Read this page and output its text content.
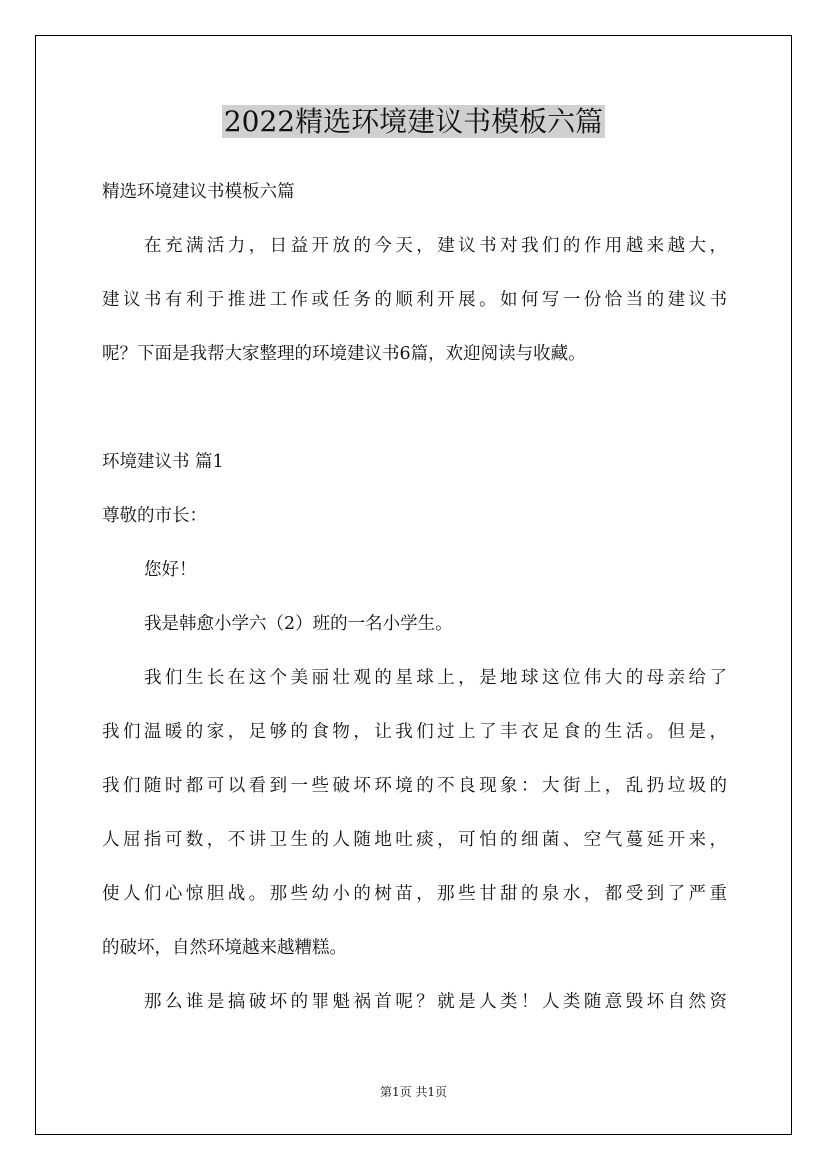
2022精选环境建议书模板六篇
精选环境建议书模板六篇
在充满活力，日益开放的今天，建议书对我们的作用越来越大，
建议书有利于推进工作或任务的顺利开展。如何写一份恰当的建议书
呢？下面是我帮大家整理的环境建议书6篇，欢迎阅读与收藏。
环境建议书 篇1
尊敬的市长：
您好！
我是韩愈小学六（2）班的一名小学生。
我们生长在这个美丽壮观的星球上，是地球这位伟大的母亲给了
我们温暖的家，足够的食物，让我们过上了丰衣足食的生活。但是，
我们随时都可以看到一些破坏环境的不良现象：大街上，乱扔垃圾的
人屈指可数，不讲卫生的人随地吐痰，可怕的细菌、空气蔓延开来，
使人们心惊胆战。那些幼小的树苗，那些甘甜的泉水，都受到了严重
的破坏，自然环境越来越糟糕。
那么谁是搞破坏的罪魁祸首呢？就是人类！人类随意毁坏自然资
第1页 共1页
